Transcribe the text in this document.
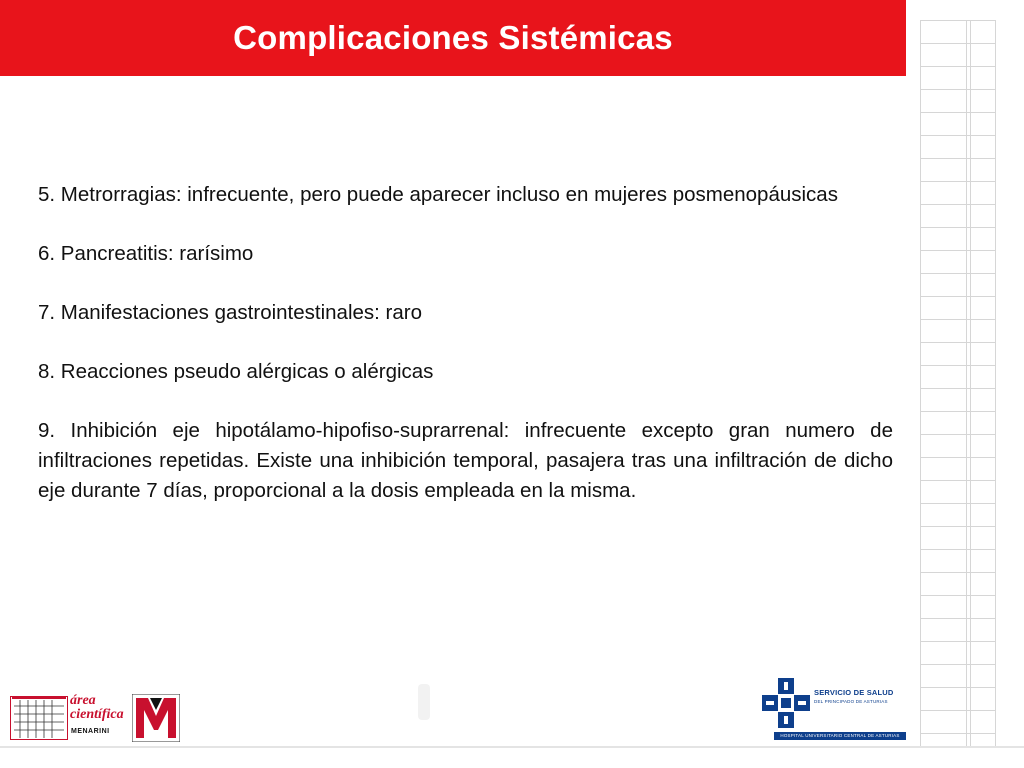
Complicaciones Sistémicas

5. Metrorragias: infrecuente, pero puede aparecer incluso en mujeres posmenopáusicas

6. Pancreatitis: rarísimo

7. Manifestaciones gastrointestinales: raro

8. Reacciones pseudo alérgicas o alérgicas

9. Inhibición eje hipotálamo-hipofiso-suprarrenal: infrecuente excepto gran numero de infiltraciones repetidas. Existe una inhibición temporal, pasajera tras una infiltración de dicho eje durante 7 días, proporcional a la dosis empleada en la misma.

área
científica
MENARINI
SERVICIO DE SALUD
DEL PRINCIPADO DE ASTURIAS
HOSPITAL UNIVERSITARIO CENTRAL DE ASTURIAS
